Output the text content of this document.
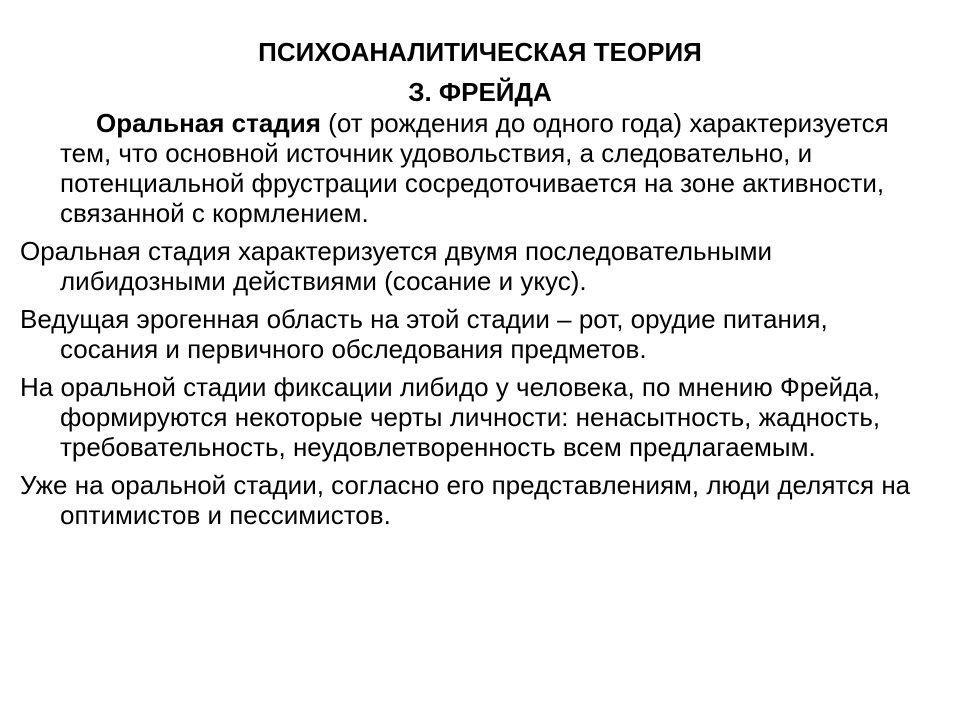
ПСИХОАНАЛИТИЧЕСКАЯ ТЕОРИЯ
З. ФРЕЙДА

Оральная стадия (от рождения до одного года) характеризуется тем, что основной источник удовольствия, а следовательно, и потенциальной фрустрации сосредоточивается на зоне активности, связанной с кормлением.

Оральная стадия характеризуется двумя последовательными либидозными действиями (сосание и укус).

Ведущая эрогенная область на этой стадии – рот, орудие питания, сосания и первичного обследования предметов.

На оральной стадии фиксации либидо у человека, по мнению Фрейда, формируются некоторые черты личности: ненасытность, жадность, требовательность, неудовлетворенность всем предлагаемым.

Уже на оральной стадии, согласно его представлениям, люди делятся на оптимистов и пессимистов.
